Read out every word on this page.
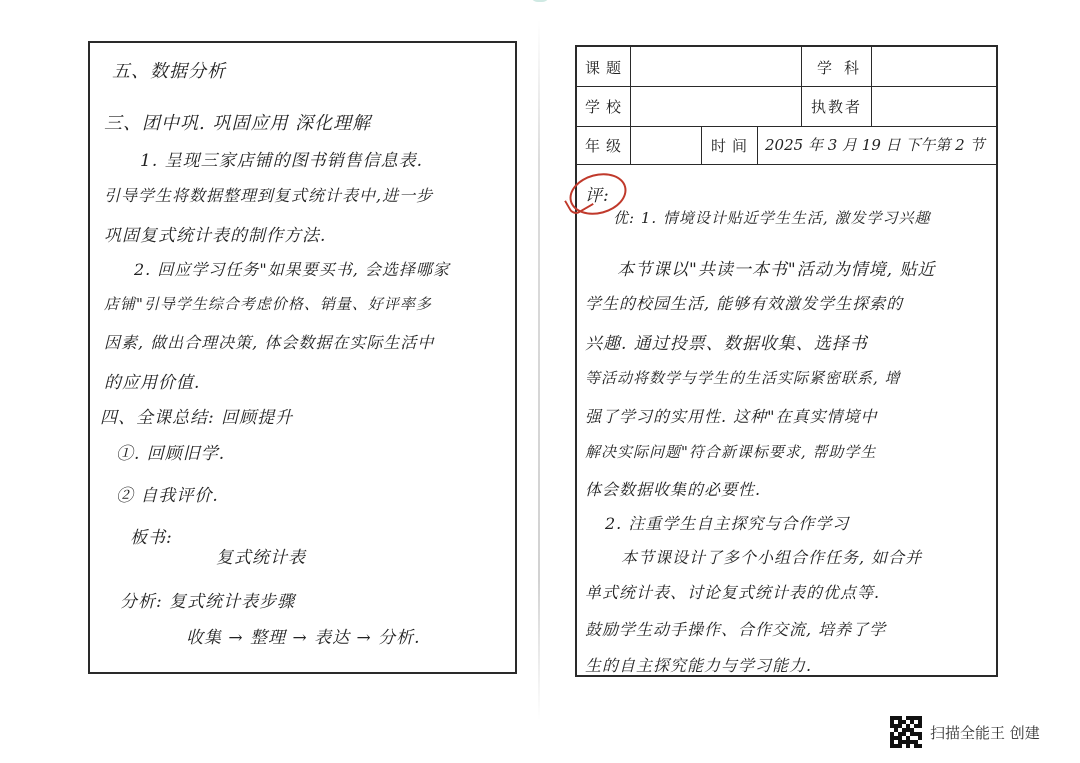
五、数据分析
三、团中巩. 巩固应用 深化理解
1. 呈现三家店铺的图书销售信息表.
引导学生将数据整理到复式统计表中,进一步
巩固复式统计表的制作方法.
2. 回应学习任务"如果要买书, 会选择哪家
店铺"引导学生综合考虑价格、销量、好评率多
因素, 做出合理决策, 体会数据在实际生活中
的应用价值.
四、全课总结: 回顾提升
①. 回顾旧学.
② 自我评价.
板书:
复式统计表
分析: 复式统计表步骤
收集 → 整理 → 表达 → 分析.
课题	学科
学校	执教者
年级	时间 2025 年 3 月 19 日 下午第 2 节
评:
优: 1. 情境设计贴近学生生活, 激发学习兴趣
本节课以"共读一本书"活动为情境, 贴近
学生的校园生活, 能够有效激发学生探索的
兴趣. 通过投票、数据收集、选择书
等活动将数学与学生的生活实际紧密联系, 增
强了学习的实用性. 这种"在真实情境中
解决实际问题"符合新课标要求, 帮助学生
体会数据收集的必要性.
2. 注重学生自主探究与合作学习
本节课设计了多个小组合作任务, 如合并
单式统计表、讨论复式统计表的优点等.
鼓励学生动手操作、合作交流, 培养了学
生的自主探究能力与学习能力.
扫描全能王 创建
